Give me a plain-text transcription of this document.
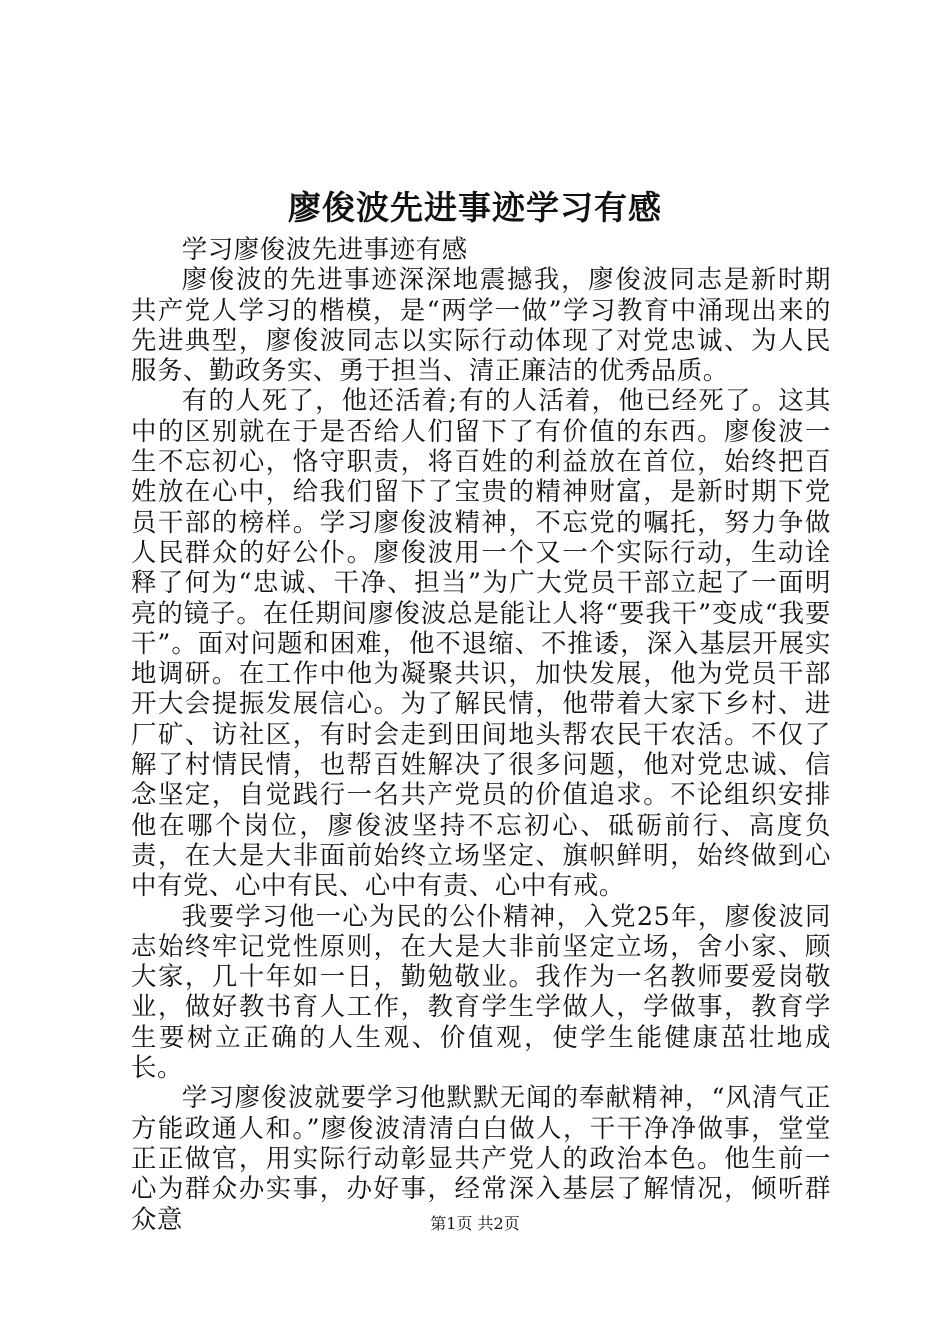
廖俊波先进事迹学习有感

学习廖俊波先进事迹有感

廖俊波的先进事迹深深地震撼我，廖俊波同志是新时期共产党人学习的楷模，是“两学一做”学习教育中涌现出来的先进典型，廖俊波同志以实际行动体现了对党忠诚、为人民服务、勤政务实、勇于担当、清正廉洁的优秀品质。

有的人死了，他还活着;有的人活着，他已经死了。这其中的区别就在于是否给人们留下了有价值的东西。廖俊波一生不忘初心，恪守职责，将百姓的利益放在首位，始终把百姓放在心中，给我们留下了宝贵的精神财富，是新时期下党员干部的榜样。学习廖俊波精神，不忘党的嘱托，努力争做人民群众的好公仆。廖俊波用一个又一个实际行动，生动诠释了何为“忠诚、干净、担当”为广大党员干部立起了一面明亮的镜子。在任期间廖俊波总是能让人将“要我干”变成“我要干”。面对问题和困难，他不退缩、不推诿，深入基层开展实地调研。在工作中他为凝聚共识，加快发展，他为党员干部开大会提振发展信心。为了解民情，他带着大家下乡村、进厂矿、访社区，有时会走到田间地头帮农民干农活。不仅了解了村情民情，也帮百姓解决了很多问题，他对党忠诚、信念坚定，自觉践行一名共产党员的价值追求。不论组织安排他在哪个岗位，廖俊波坚持不忘初心、砥砺前行、高度负责，在大是大非面前始终立场坚定、旗帜鲜明，始终做到心中有党、心中有民、心中有责、心中有戒。

我要学习他一心为民的公仆精神，入党25年，廖俊波同志始终牢记党性原则，在大是大非前坚定立场，舍小家、顾大家，几十年如一日，勤勉敬业。我作为一名教师要爱岗敬业，做好教书育人工作，教育学生学做人，学做事，教育学生要树立正确的人生观、价值观，使学生能健康茁壮地成长。

学习廖俊波就要学习他默默无闻的奉献精神，“风清气正方能政通人和。”廖俊波清清白白做人，干干净净做事，堂堂正正做官，用实际行动彰显共产党人的政治本色。他生前一心为群众办实事，办好事，经常深入基层了解情况，倾听群众意	第1页 共2页
